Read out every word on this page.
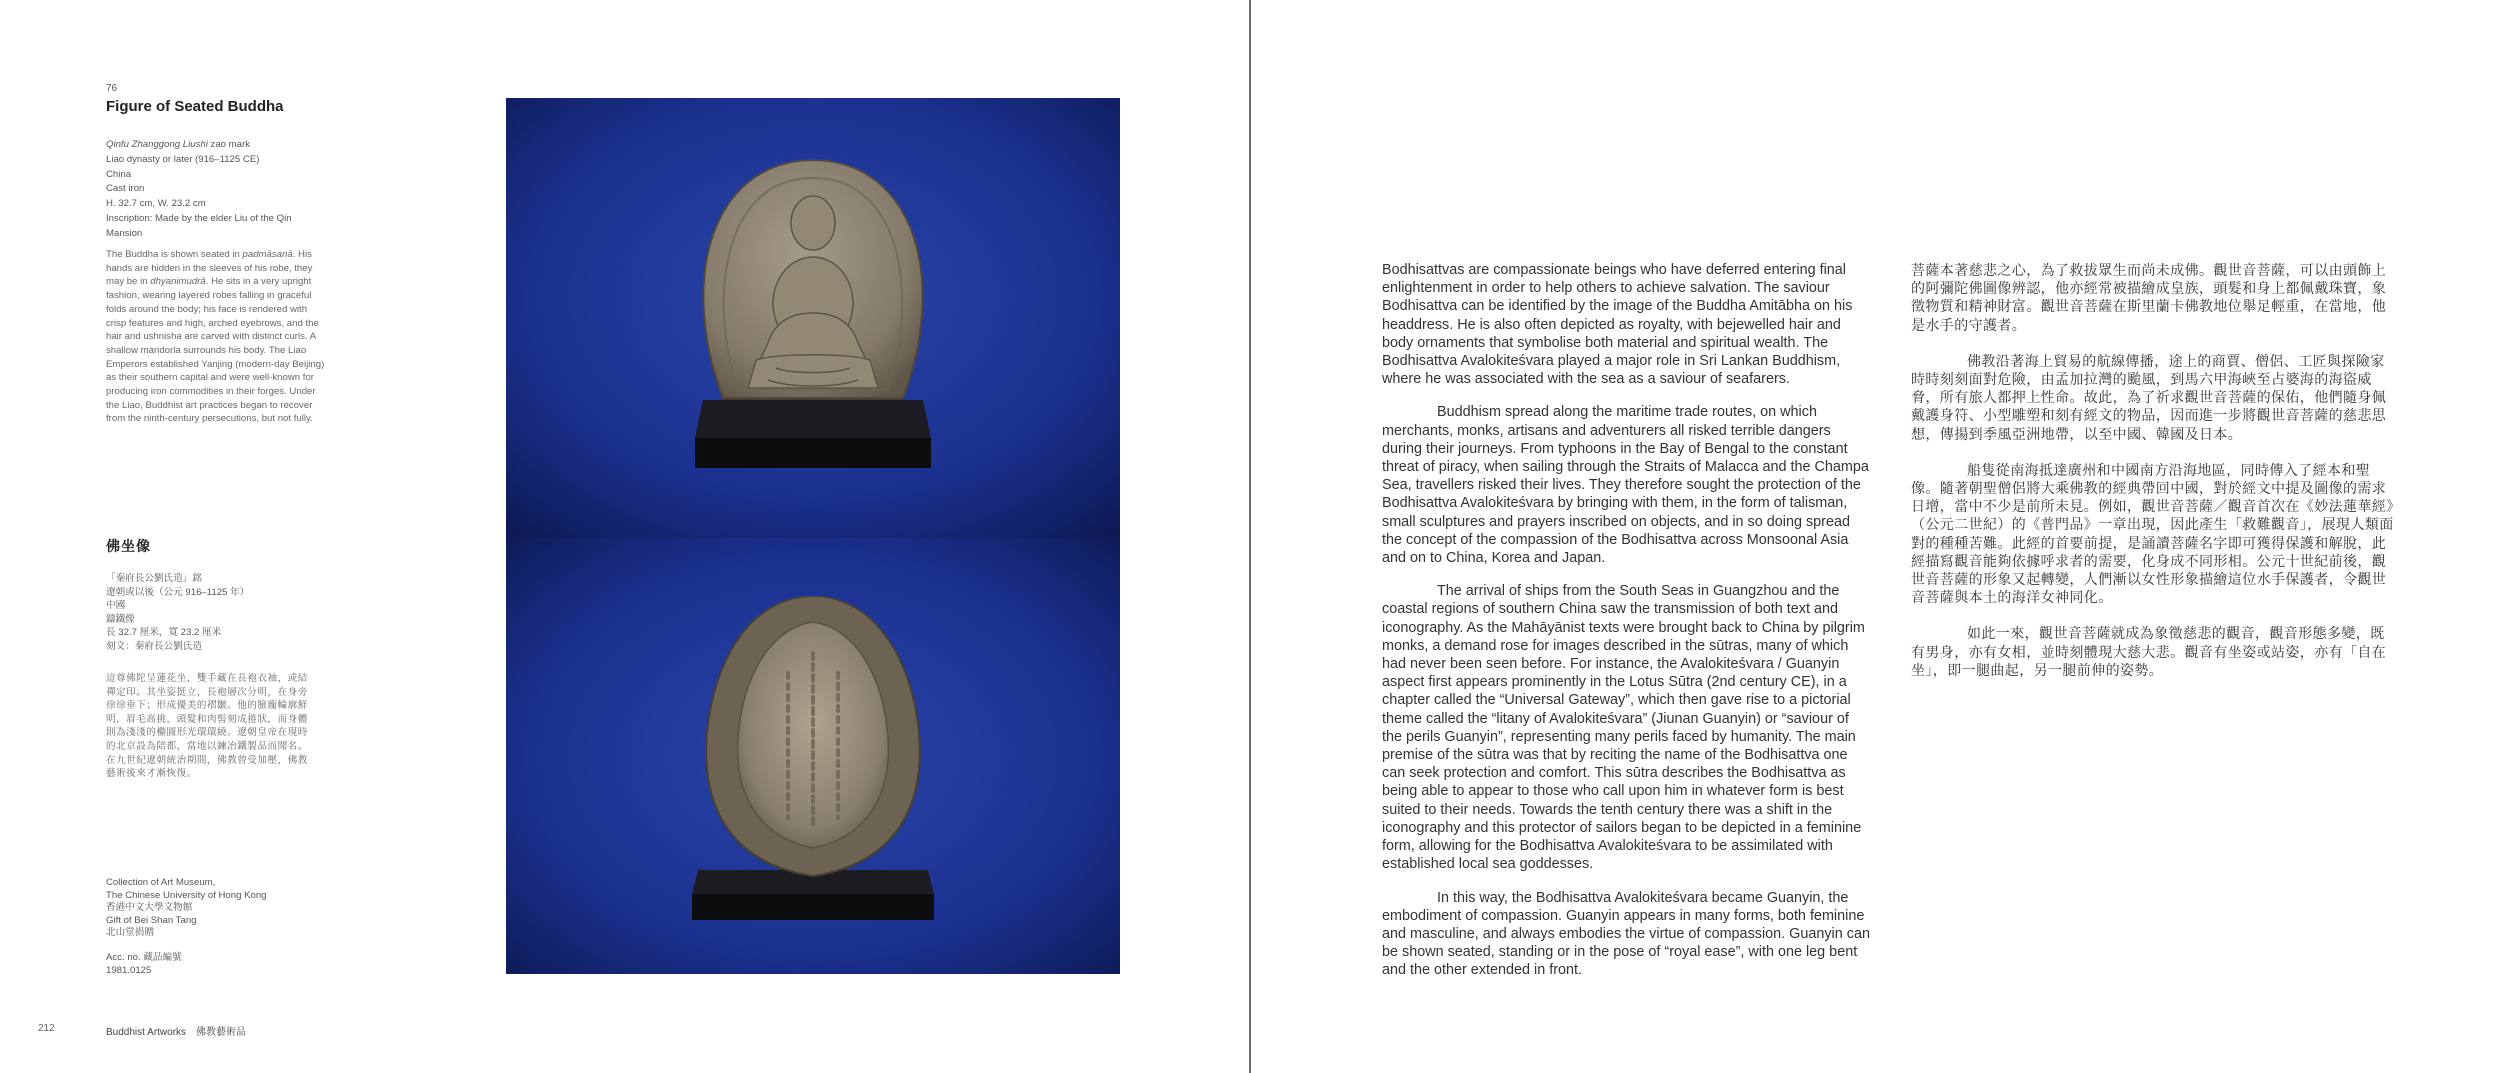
76
Figure of Seated Buddha
Qinfu Zhanggong Liushi zao mark
Liao dynasty or later (916–1125 CE)
China
Cast iron
H. 32.7 cm, W. 23.2 cm
Inscription: Made by the elder Liu of the Qin
Mansion
The Buddha is shown seated in padmāsanā. His hands are hidden in the sleeves of his robe, they may be in dhyanimudrā. He sits in a very upright fashion, wearing layered robes falling in graceful folds around the body; his face is rendered with crisp features and high, arched eyebrows, and the hair and ushnisha are carved with distinct curls. A shallow mandorla surrounds his body. The Liao Emperors established Yanjing (modern-day Beijing) as their southern capital and were well-known for producing iron commodities in their forges. Under the Liao, Buddhist art practices began to recover from the ninth-century persecutions, but not fully.
佛坐像
「秦府長公劉氏造」銘
遼朝或以後（公元 916–1125 年）
中國
鑄鐵像
長 32.7 厘米，寬 23.2 厘米
刻文：秦府長公劉氏造
這尊佛陀呈蓮花坐，雙手藏在長袍衣袖，或結禪定印。其坐姿挺立，長袍層次分明，在身旁徐徐垂下；形成優美的褶皺。他的臉龐輪廓鮮明，眉毛高挑，頭髮和肉髻刻成捲狀，而身體則為淺淺的橢圓形光環環繞。遼朝皇帝在現時的北京設為陪都，當地以鍊冶鐵製品而聞名。在九世紀遼朝統治期間，佛教曾受加壓，佛教藝術後來才漸恢復。
Collection of Art Museum,
The Chinese University of Hong Kong
香港中文大學文物館
Gift of Bei Shan Tang
北山堂捐贈
Acc. no. 藏品編號
1981.0125
212	Buddhist Artworks 佛教藝術品

Bodhisattvas are compassionate beings who have deferred entering final enlightenment in order to help others to achieve salvation. The saviour Bodhisattva can be identified by the image of the Buddha Amitābha on his headdress. He is also often depicted as royalty, with bejewelled hair and body ornaments that symbolise both material and spiritual wealth. The Bodhisattva Avalokiteśvara played a major role in Sri Lankan Buddhism, where he was associated with the sea as a saviour of seafarers.

Buddhism spread along the maritime trade routes, on which merchants, monks, artisans and adventurers all risked terrible dangers during their journeys. From typhoons in the Bay of Bengal to the constant threat of piracy, when sailing through the Straits of Malacca and the Champa Sea, travellers risked their lives. They therefore sought the protection of the Bodhisattva Avalokiteśvara by bringing with them, in the form of talisman, small sculptures and prayers inscribed on objects, and in so doing spread the concept of the compassion of the Bodhisattva across Monsoonal Asia and on to China, Korea and Japan.

The arrival of ships from the South Seas in Guangzhou and the coastal regions of southern China saw the transmission of both text and iconography. As the Mahāyānist texts were brought back to China by pilgrim monks, a demand rose for images described in the sūtras, many of which had never been seen before. For instance, the Avalokiteśvara / Guanyin aspect first appears prominently in the Lotus Sūtra (2nd century CE), in a chapter called the “Universal Gateway”, which then gave rise to a pictorial theme called the “litany of Avalokiteśvara” (Jiunan Guanyin) or “saviour of the perils Guanyin”, representing many perils faced by humanity. The main premise of the sūtra was that by reciting the name of the Bodhisattva one can seek protection and comfort. This sūtra describes the Bodhisattva as being able to appear to those who call upon him in whatever form is best suited to their needs. Towards the tenth century there was a shift in the iconography and this protector of sailors began to be depicted in a feminine form, allowing for the Bodhisattva Avalokiteśvara to be assimilated with established local sea goddesses.

In this way, the Bodhisattva Avalokiteśvara became Guanyin, the embodiment of compassion. Guanyin appears in many forms, both feminine and masculine, and always embodies the virtue of compassion. Guanyin can be shown seated, standing or in the pose of “royal ease”, with one leg bent and the other extended in front.

菩薩本著慈悲之心，為了救拔眾生而尚未成佛。觀世音菩薩，可以由頭飾上的阿彌陀佛圖像辨認，他亦經常被描繪成皇族，頭髮和身上都佩戴珠寶，象徵物質和精神財富。觀世音菩薩在斯里蘭卡佛教地位舉足輕重，在當地，他是水手的守護者。

佛教沿著海上貿易的航線傳播，途上的商賈、僧侶、工匠與探險家時時刻刻面對危險，由孟加拉灣的颱風，到馬六甲海峽至占婆海的海盜威脅，所有旅人都押上性命。故此，為了祈求觀世音菩薩的保佑，他們隨身佩戴護身符、小型雕塑和刻有經文的物品，因而進一步將觀世音菩薩的慈悲思想，傳揚到季風亞洲地帶，以至中國、韓國及日本。

船隻從南海抵達廣州和中國南方沿海地區，同時傳入了經本和聖像。隨著朝聖僧侶將大乘佛教的經典帶回中國，對於經文中提及圖像的需求日增，當中不少是前所未見。例如，觀世音菩薩／觀音首次在《妙法蓮華經》（公元二世紀）的《普門品》一章出現，因此產生「救難觀音」，展現人類面對的種種苦難。此經的首要前提，是誦讀菩薩名字即可獲得保護和解脫，此經描寫觀音能夠依據呼求者的需要，化身成不同形相。公元十世紀前後，觀世音菩薩的形象又起轉變，人們漸以女性形象描繪這位水手保護者，令觀世音菩薩與本土的海洋女神同化。

如此一來，觀世音菩薩就成為象徵慈悲的觀音，觀音形態多變，既有男身，亦有女相，並時刻體現大慈大悲。觀音有坐姿或站姿，亦有「自在坐」，即一腿曲起，另一腿前伸的姿勢。
